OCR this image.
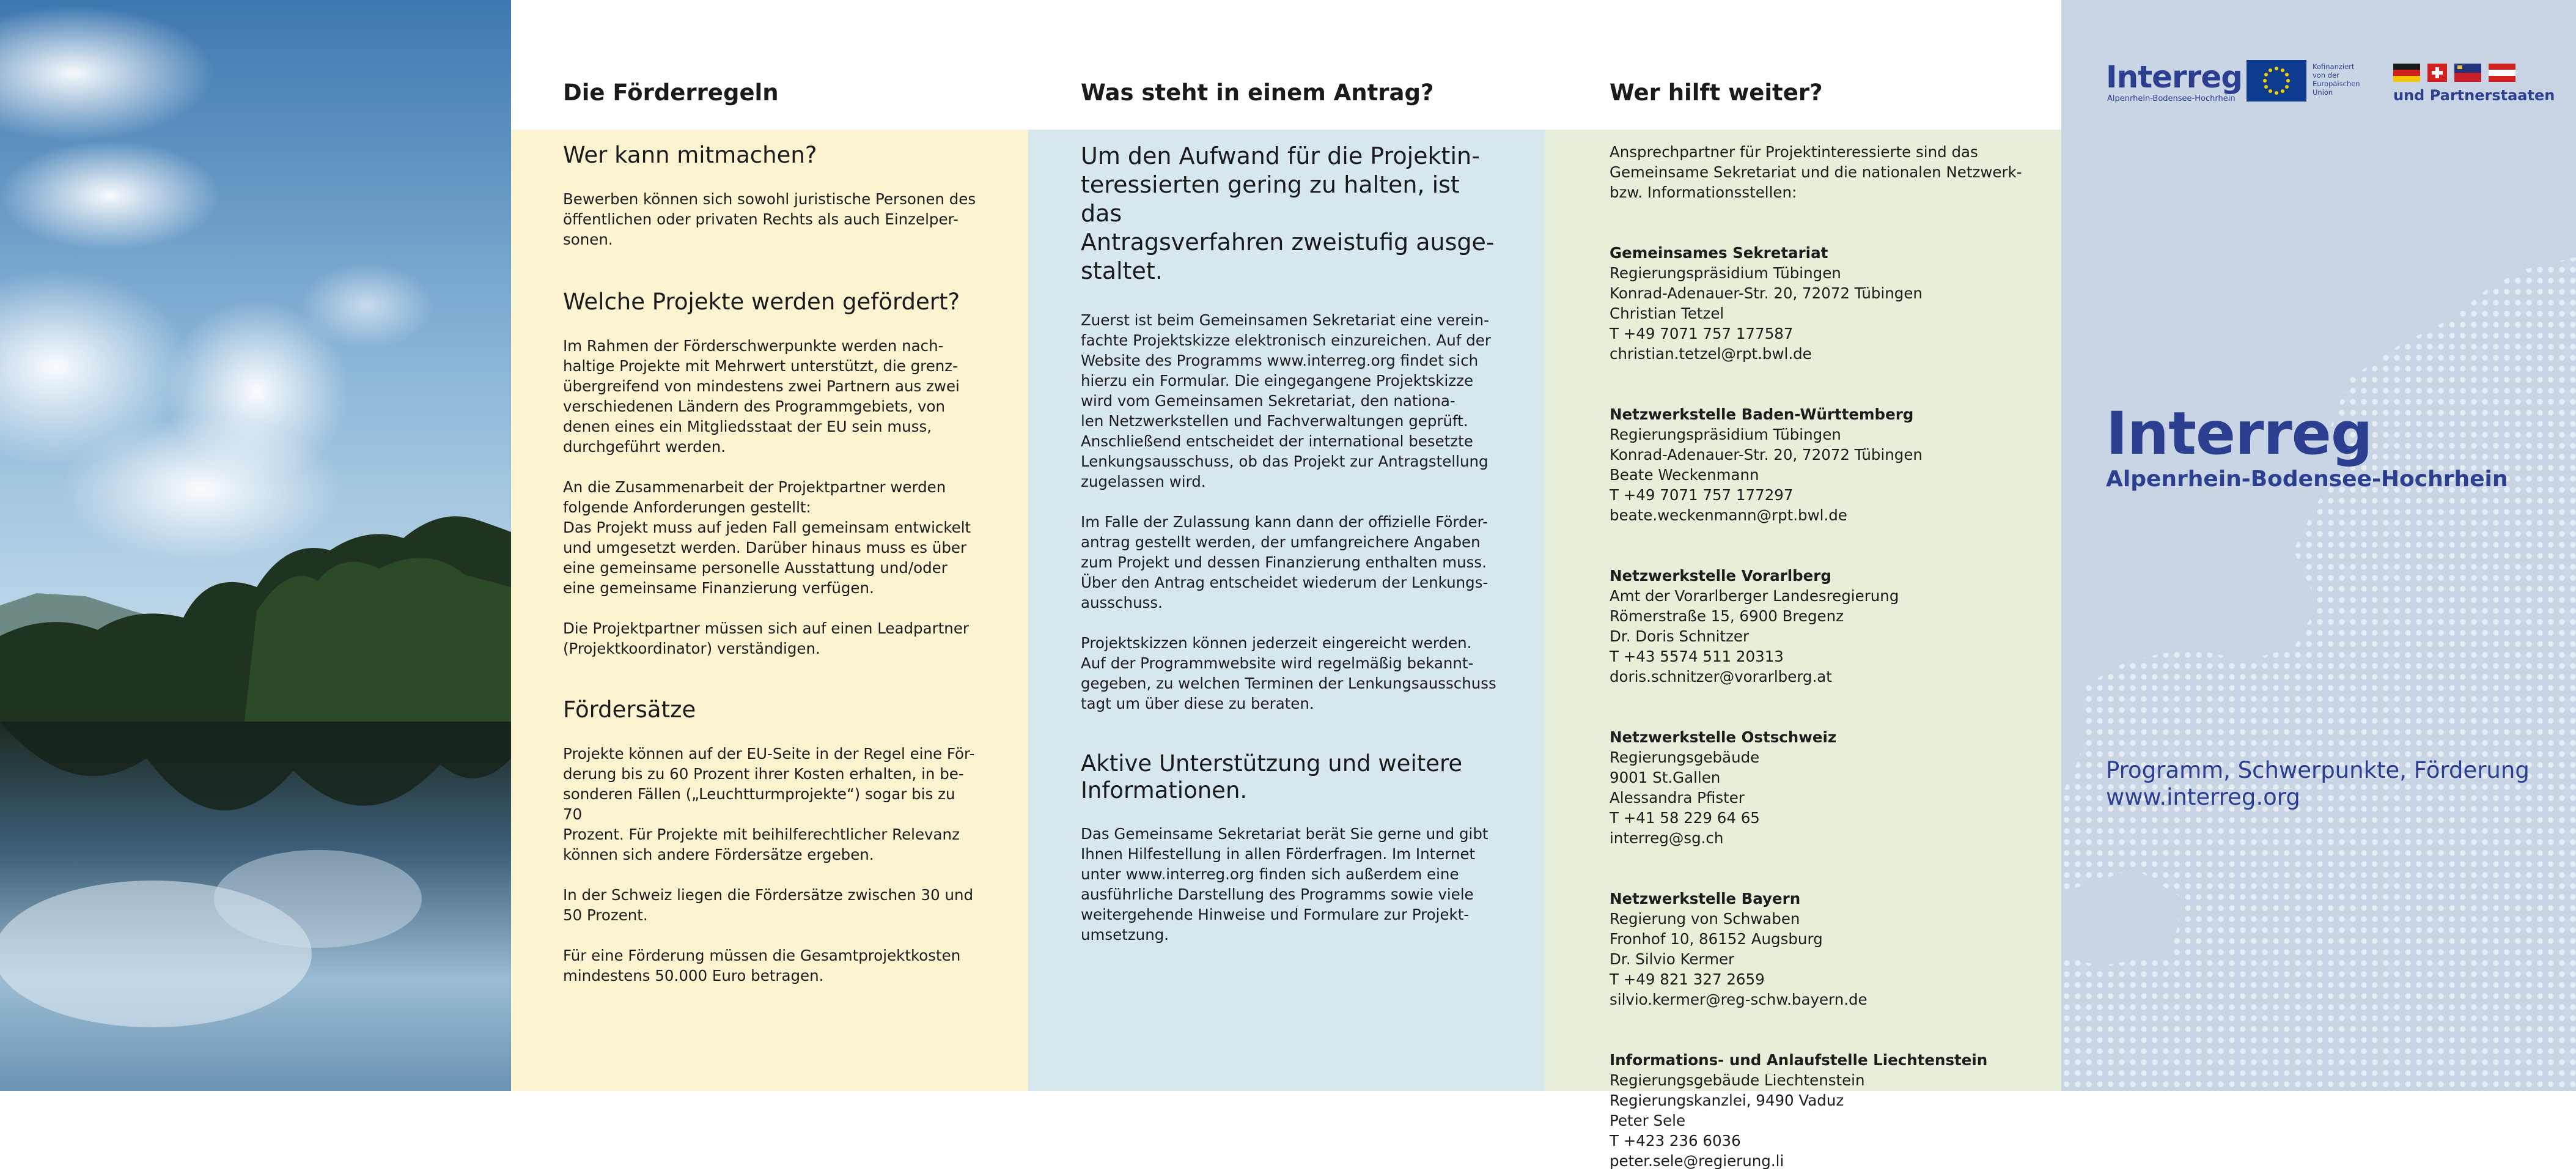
Die Förderregeln
Wer kann mitmachen?

Bewerben können sich sowohl juristische Personen des
öffentlichen oder privaten Rechts als auch Einzelper-
sonen.

Welche Projekte werden gefördert?

Im Rahmen der Förderschwerpunkte werden nach-
haltige Projekte mit Mehrwert unterstützt, die grenz-
übergreifend von mindestens zwei Partnern aus zwei
verschiedenen Ländern des Programmgebiets, von
denen eines ein Mitgliedsstaat der EU sein muss,
durchgeführt werden.

An die Zusammenarbeit der Projektpartner werden
folgende Anforderungen gestellt:
Das Projekt muss auf jeden Fall gemeinsam entwickelt
und umgesetzt werden. Darüber hinaus muss es über
eine gemeinsame personelle Ausstattung und/oder
eine gemeinsame Finanzierung verfügen.

Die Projektpartner müssen sich auf einen Leadpartner
(Projektkoordinator) verständigen.

Fördersätze

Projekte können auf der EU-Seite in der Regel eine För-
derung bis zu 60 Prozent ihrer Kosten erhalten, in be-
sonderen Fällen („Leuchtturmprojekte“) sogar bis zu 70
Prozent. Für Projekte mit beihilferechtlicher Relevanz
können sich andere Fördersätze ergeben.

In der Schweiz liegen die Fördersätze zwischen 30 und
50 Prozent.

Für eine Förderung müssen die Gesamtprojektkosten
mindestens 50.000 Euro betragen.

Was steht in einem Antrag?
Um den Aufwand für die Projektin-
teressierten gering zu halten, ist das
Antragsverfahren zweistufig ausge-
staltet.

Zuerst ist beim Gemeinsamen Sekretariat eine verein-
fachte Projektskizze elektronisch einzureichen. Auf der
Website des Programms www.interreg.org findet sich
hierzu ein Formular. Die eingegangene Projektskizze
wird vom Gemeinsamen Sekretariat, den nationa-
len Netzwerkstellen und Fachverwaltungen geprüft.
Anschließend entscheidet der international besetzte
Lenkungsausschuss, ob das Projekt zur Antragstellung
zugelassen wird.

Im Falle der Zulassung kann dann der offizielle Förder-
antrag gestellt werden, der umfangreichere Angaben
zum Projekt und dessen Finanzierung enthalten muss.
Über den Antrag entscheidet wiederum der Lenkungs-
ausschuss.

Projektskizzen können jederzeit eingereicht werden.
Auf der Programmwebsite wird regelmäßig bekannt-
gegeben, zu welchen Terminen der Lenkungsausschuss
tagt um über diese zu beraten.

Aktive Unterstützung und weitere
Informationen.

Das Gemeinsame Sekretariat berät Sie gerne und gibt
Ihnen Hilfestellung in allen Förderfragen. Im Internet
unter www.interreg.org finden sich außerdem eine
ausführliche Darstellung des Programms sowie viele
weitergehende Hinweise und Formulare zur Projekt-
umsetzung.

Wer hilft weiter?

Ansprechpartner für Projektinteressierte sind das
Gemeinsame Sekretariat und die nationalen Netzwerk-
bzw. Informationsstellen:

Gemeinsames Sekretariat
Regierungspräsidium Tübingen
Konrad-Adenauer-Str. 20, 72072 Tübingen
Christian Tetzel
T +49 7071 757 177587
christian.tetzel@rpt.bwl.de

Netzwerkstelle Baden-Württemberg
Regierungspräsidium Tübingen
Konrad-Adenauer-Str. 20, 72072 Tübingen
Beate Weckenmann
T +49 7071 757 177297
beate.weckenmann@rpt.bwl.de

Netzwerkstelle Vorarlberg
Amt der Vorarlberger Landesregierung
Römerstraße 15, 6900 Bregenz
Dr. Doris Schnitzer
T +43 5574 511 20313
doris.schnitzer@vorarlberg.at

Netzwerkstelle Ostschweiz
Regierungsgebäude
9001 St.Gallen
Alessandra Pfister
T +41 58 229 64 65
interreg@sg.ch

Netzwerkstelle Bayern
Regierung von Schwaben
Fronhof 10, 86152 Augsburg
Dr. Silvio Kermer
T +49 821 327 2659
silvio.kermer@reg-schw.bayern.de

Informations- und Anlaufstelle Liechtenstein
Regierungsgebäude Liechtenstein
Regierungskanzlei, 9490 Vaduz
Peter Sele
T +423 236 6036
peter.sele@regierung.li

Interreg
Alpenrhein-Bodensee-Hochrhein
Programm, Schwerpunkte, Förderung
www.interreg.org
Interreg
Alpenrhein-Bodensee-Hochrhein
Kofinanziert
von der
Europäischen
Union	und Partnerstaaten
